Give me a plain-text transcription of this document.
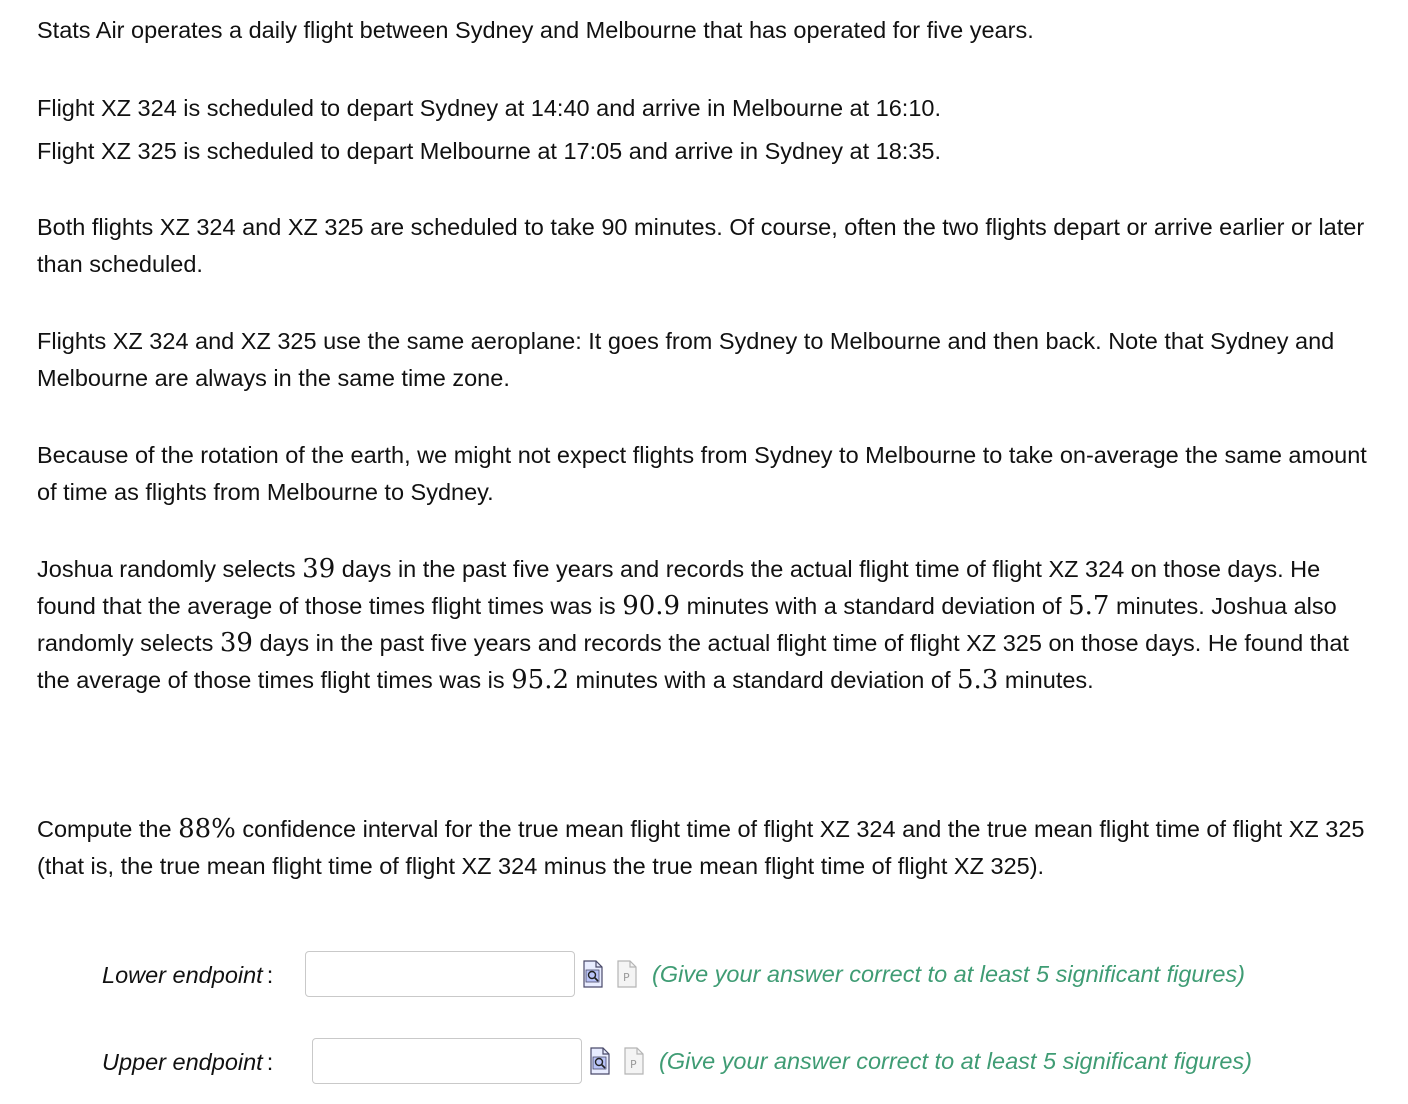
Stats Air operates a daily flight between Sydney and Melbourne that has operated for five years.

Flight XZ 324 is scheduled to depart Sydney at 14:40 and arrive in Melbourne at 16:10.

Flight XZ 325 is scheduled to depart Melbourne at 17:05 and arrive in Sydney at 18:35.

Both flights XZ 324 and XZ 325 are scheduled to take 90 minutes. Of course, often the two flights depart or arrive earlier or later than scheduled.

Flights XZ 324 and XZ 325 use the same aeroplane: It goes from Sydney to Melbourne and then back. Note that Sydney and Melbourne are always in the same time zone.

Because of the rotation of the earth, we might not expect flights from Sydney to Melbourne to take on-average the same amount of time as flights from Melbourne to Sydney.

Joshua randomly selects 39 days in the past five years and records the actual flight time of flight XZ 324 on those days. He found that the average of those times flight times was is 90.9 minutes with a standard deviation of 5.7 minutes. Joshua also randomly selects 39 days in the past five years and records the actual flight time of flight XZ 325 on those days. He found that the average of those times flight times was is 95.2 minutes with a standard deviation of 5.3 minutes.

Compute the 88% confidence interval for the true mean flight time of flight XZ 324 and the true mean flight time of flight XZ 325 (that is, the true mean flight time of flight XZ 324 minus the true mean flight time of flight XZ 325).

Lower endpoint :	P (Give your answer correct to at least 5 significant figures)
Upper endpoint :	P (Give your answer correct to at least 5 significant figures)
